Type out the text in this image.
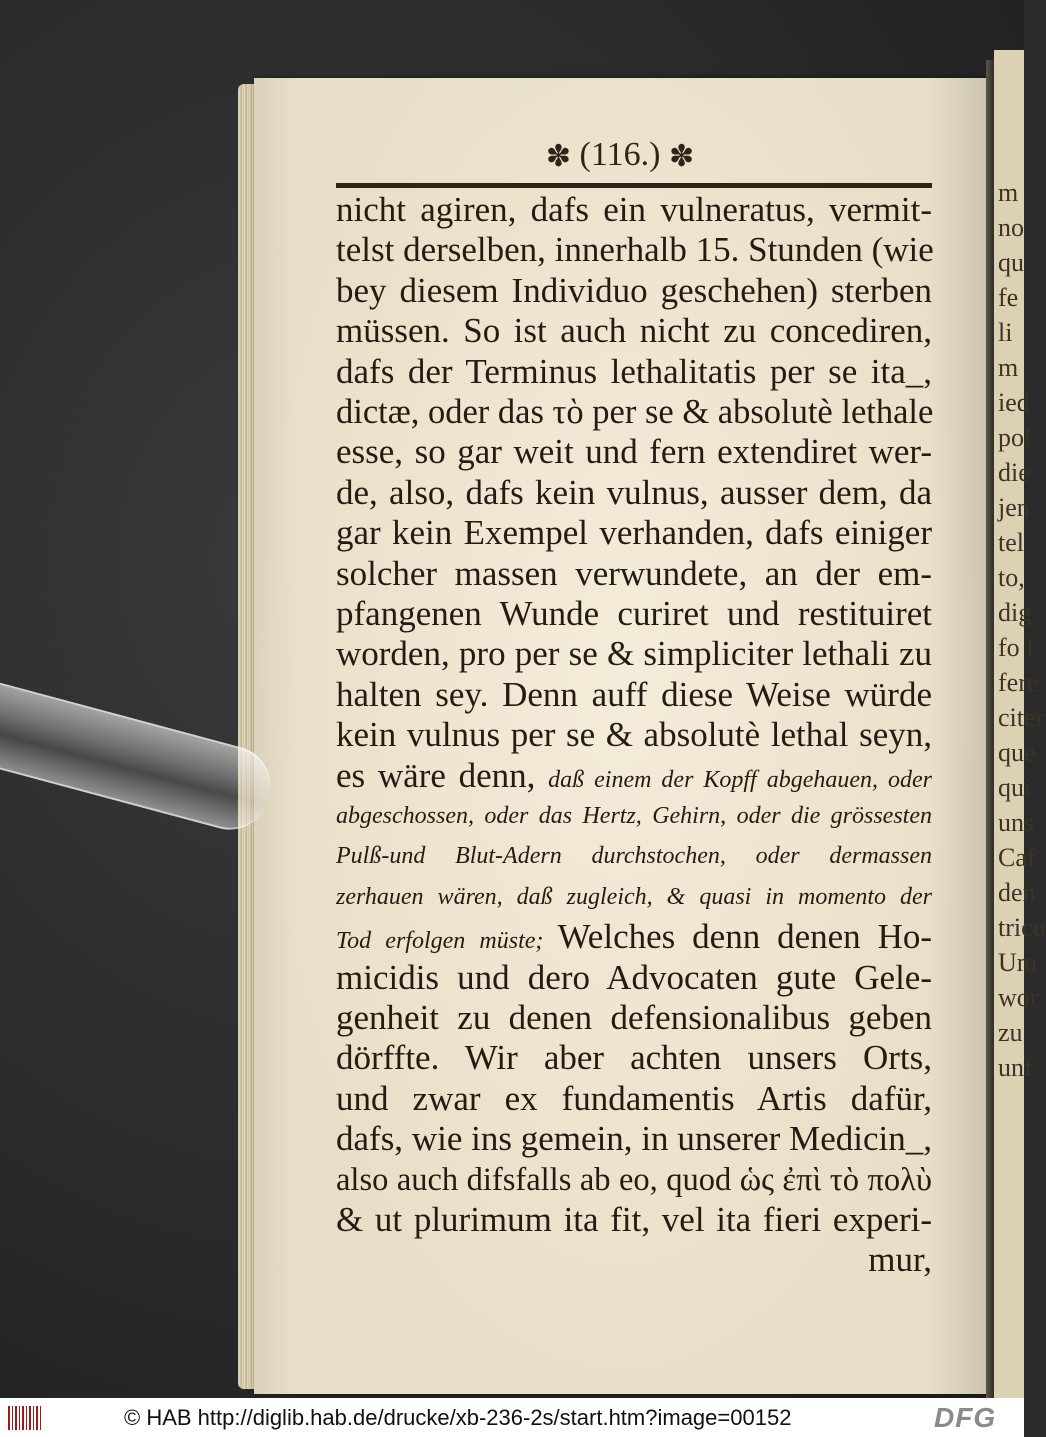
m
no
qu
fe
li
m
ied
pol
die
jen
tel
to,
dig
fo f
fere
citer
que
qui
uns
Caf
den
tricu
Um
wor
zu
unf
✽ (116.) ✽
nicht agiren, dafs ein vulneratus, vermit-
telst derselben, innerhalb 15. Stunden (wie
bey diesem Individuo geschehen) sterben
müssen. So ist auch nicht zu concediren,
dafs der Terminus lethalitatis per se ita_,
dictæ, oder das τὸ per se & absolutè lethale
esse, so gar weit und fern extendiret wer-
de, also, dafs kein vulnus, ausser dem, da
gar kein Exempel verhanden, dafs einiger
solcher massen verwundete, an der em-
pfangenen Wunde curiret und restituiret
worden, pro per se & simpliciter lethali zu
halten sey. Denn auff diese Weise würde
kein vulnus per se & absolutè lethal seyn,
es wäre denn, daß einem der Kopff abgehauen, oder
abgeschossen, oder das Hertz, Gehirn, oder die grössesten
Pulß-und Blut-Adern durchstochen, oder dermassen
zerhauen wären, daß zugleich, & quasi in momento der
Tod erfolgen müste; Welches denn denen Ho-
micidis und dero Advocaten gute Gele-
genheit zu denen defensionalibus geben
dörffte. Wir aber achten unsers Orts,
und zwar ex fundamentis Artis dafür,
dafs, wie ins gemein, in unserer Medicin_,
also auch difsfalls ab eo, quod ὡς ἐπὶ τὸ πολὺ
& ut plurimum ita fit, vel ita fieri experi-
mur,
© HAB http://diglib.hab.de/drucke/xb-236-2s/start.htm?image=00152	DFG
